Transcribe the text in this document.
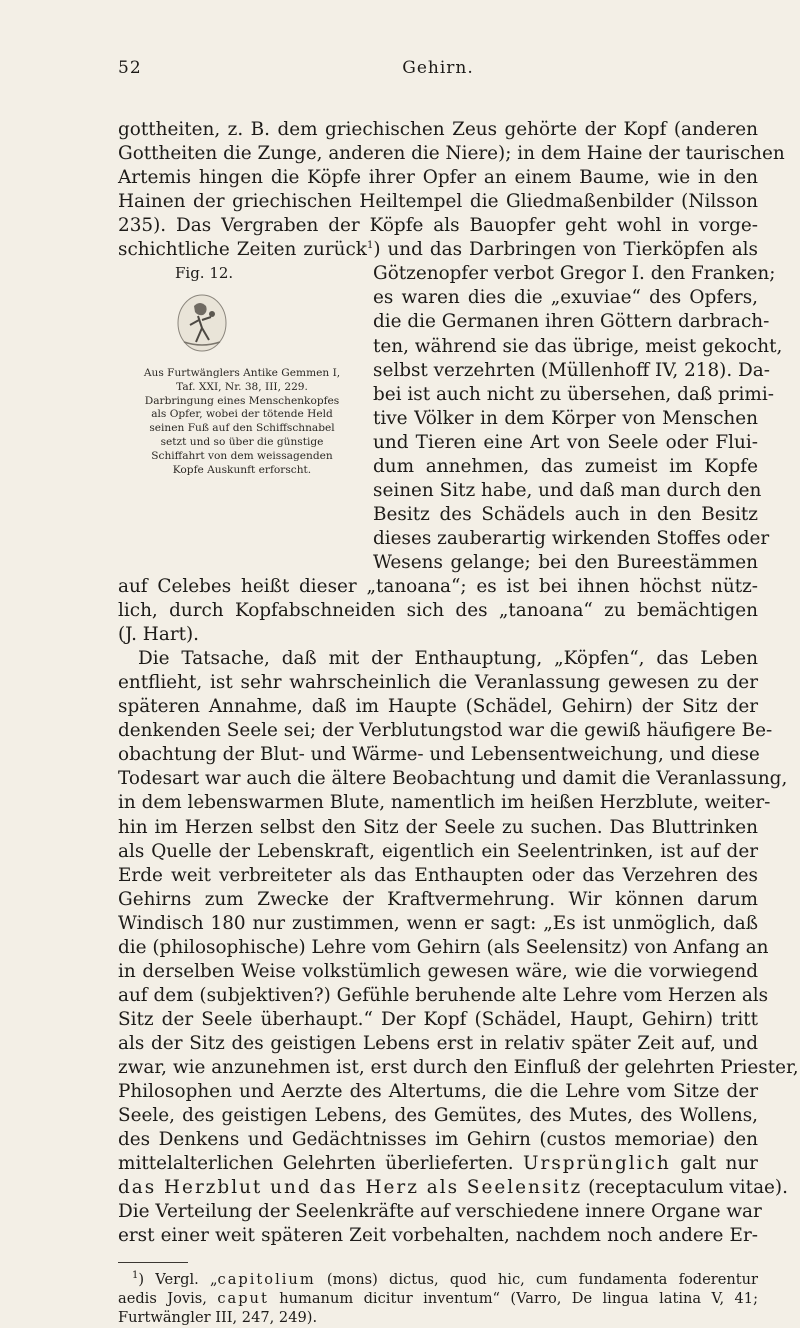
52	Gehirn.
gottheiten, z. B. dem griechischen Zeus gehörte der Kopf (anderen
Gottheiten die Zunge, anderen die Niere); in dem Haine der taurischen
Artemis hingen die Köpfe ihrer Opfer an einem Baume, wie in den
Hainen der griechischen Heiltempel die Gliedmaßenbilder (Nilsson
235). Das Vergraben der Köpfe als Bauopfer geht wohl in vorge-
schichtliche Zeiten zurück$^1$) und das Darbringen von Tierköpfen als
Fig. 12.
Aus Furtwänglers Antike Gemmen I,
Taf. XXI, Nr. 38, III, 229.
Darbringung eines Menschenkopfes
als Opfer, wobei der tötende Held
seinen Fuß auf den Schiffschnabel
setzt und so über die günstige
Schiffahrt von dem weissagenden
Kopfe Auskunft erforscht.
Götzenopfer verbot Gregor I. den Franken;
es waren dies die „exuviae“ des Opfers,
die die Germanen ihren Göttern darbrach-
ten, während sie das übrige, meist gekocht,
selbst verzehrten (Müllenhoff IV, 218). Da-
bei ist auch nicht zu übersehen, daß primi-
tive Völker in dem Körper von Menschen
und Tieren eine Art von Seele oder Flui-
dum annehmen, das zumeist im Kopfe
seinen Sitz habe, und daß man durch den
Besitz des Schädels auch in den Besitz
dieses zauberartig wirkenden Stoffes oder
Wesens gelange; bei den Bureestämmen
auf Celebes heißt dieser „tanoana“; es ist bei ihnen höchst nütz-
lich, durch Kopfabschneiden sich des „tanoana“ zu bemächtigen
(J. Hart).
Die Tatsache, daß mit der Enthauptung, „Köpfen“, das Leben
entflieht, ist sehr wahrscheinlich die Veranlassung gewesen zu der
späteren Annahme, daß im Haupte (Schädel, Gehirn) der Sitz der
denkenden Seele sei; der Verblutungstod war die gewiß häufigere Be-
obachtung der Blut- und Wärme- und Lebensentweichung, und diese
Todesart war auch die ältere Beobachtung und damit die Veranlassung,
in dem lebenswarmen Blute, namentlich im heißen Herzblute, weiter-
hin im Herzen selbst den Sitz der Seele zu suchen. Das Bluttrinken
als Quelle der Lebenskraft, eigentlich ein Seelentrinken, ist auf der
Erde weit verbreiteter als das Enthaupten oder das Verzehren des
Gehirns zum Zwecke der Kraftvermehrung. Wir können darum
Windisch 180 nur zustimmen, wenn er sagt: „Es ist unmöglich, daß
die (philosophische) Lehre vom Gehirn (als Seelensitz) von Anfang an
in derselben Weise volkstümlich gewesen wäre, wie die vorwiegend
auf dem (subjektiven?) Gefühle beruhende alte Lehre vom Herzen als
Sitz der Seele überhaupt.“ Der Kopf (Schädel, Haupt, Gehirn) tritt
als der Sitz des geistigen Lebens erst in relativ später Zeit auf, und
zwar, wie anzunehmen ist, erst durch den Einfluß der gelehrten Priester,
Philosophen und Aerzte des Altertums, die die Lehre vom Sitze der
Seele, des geistigen Lebens, des Gemütes, des Mutes, des Wollens,
des Denkens und Gedächtnisses im Gehirn (custos memoriae) den
mittelalterlichen Gelehrten überlieferten. Ursprünglich galt nur
das Herzblut und das Herz als Seelensitz (receptaculum vitae).
Die Verteilung der Seelenkräfte auf verschiedene innere Organe war
erst einer weit späteren Zeit vorbehalten, nachdem noch andere Er-
$^1$) Vergl. „capitolium (mons) dictus, quod hic, cum fundamenta foderentur
aedis Jovis, caput humanum dicitur inventum“ (Varro, De lingua latina V, 41;
Furtwängler III, 247, 249).
